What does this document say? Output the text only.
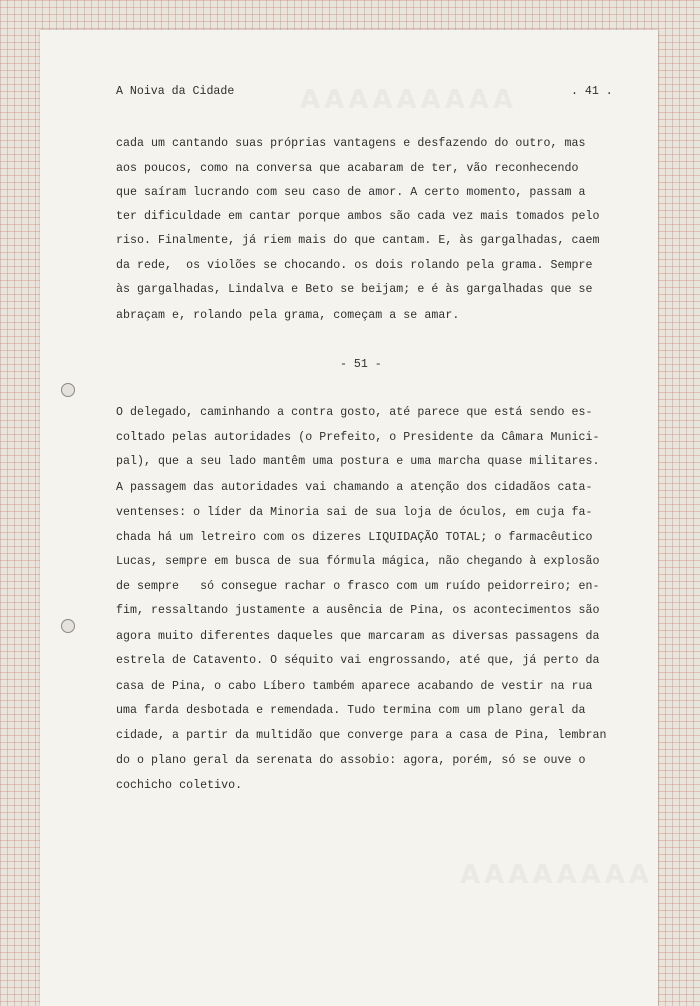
AAAAAAAAA
AAAAAAAA
A Noiva da Cidade	. 41 .

cada um cantando suas próprias vantagens e desfazendo do outro, mas

aos poucos, como na conversa que acabaram de ter, vão reconhecendo

que saíram lucrando com seu caso de amor. A certo momento, passam a

ter dificuldade em cantar porque ambos são cada vez mais tomados pelo

riso. Finalmente, já riem mais do que cantam. E, às gargalhadas, caem

da rede,  os violões se chocando. os dois rolando pela grama. Sempre

às gargalhadas, Lindalva e Beto se beijam; e é às gargalhadas que se

abraçam e, rolando pela grama, começam a se amar.

- 51 -

O delegado, caminhando a contra gosto, até parece que está sendo es-

coltado pelas autoridades (o Prefeito, o Presidente da Câmara Munici-

pal), que a seu lado mantêm uma postura e uma marcha quase militares.

A passagem das autoridades vai chamando a atenção dos cidadãos cata-

ventenses: o líder da Minoria sai de sua loja de óculos, em cuja fa-

chada há um letreiro com os dizeres LIQUIDAÇÃO TOTAL; o farmacêutico

Lucas, sempre em busca de sua fórmula mágica, não chegando à explosão

de sempre   só consegue rachar o frasco com um ruído peidorreiro; en-

fim, ressaltando justamente a ausência de Pina, os acontecimentos são

agora muito diferentes daqueles que marcaram as diversas passagens da

estrela de Catavento. O séquito vai engrossando, até que, já perto da

casa de Pina, o cabo Líbero também aparece acabando de vestir na rua

uma farda desbotada e remendada. Tudo termina com um plano geral da

cidade, a partir da multidão que converge para a casa de Pina, lembran

do o plano geral da serenata do assobio: agora, porém, só se ouve o

cochicho coletivo.
